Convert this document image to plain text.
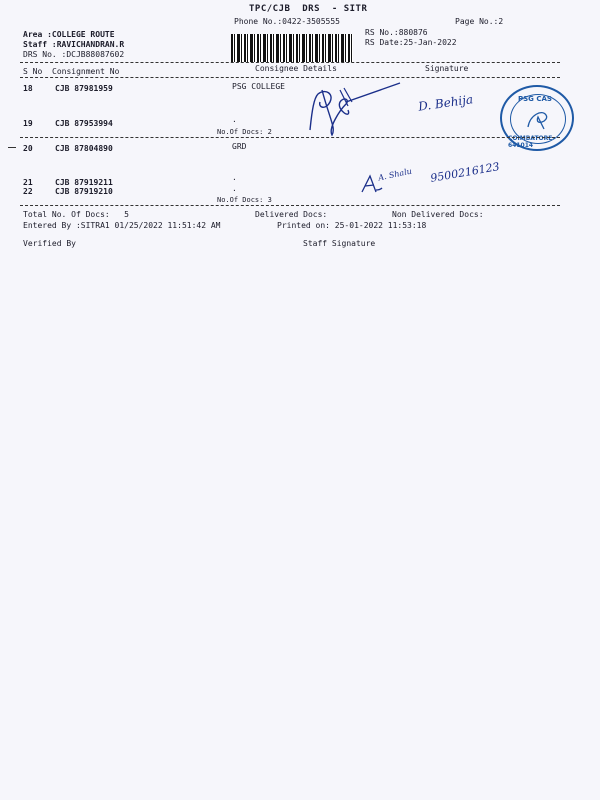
TPC/CJB  DRS  - SITR
Phone No.:0422-3505555	Page No.:2
Area :COLLEGE ROUTE
Staff :RAVICHANDRAN.R
DRS No. :DCJB88087602
RS No.:880876
RS Date:25-Jan-2022
S No Consignment No	Consignee Details	Signature
18	CJB 87981959	PSG COLLEGE
19	CJB 87953994	.
No.Of Docs: 2
D. Behija	PSG CAS
COIMBATORE-641014
20	CJB 87804890	GRD
21	CJB 87919211
.
22	CJB 87919210	.
No.Of Docs: 3
A. Shalu 9500216123
Total No. Of Docs:   5	Delivered Docs:	Non Delivered Docs:
Entered By :SITRA1 01/25/2022 11:51:42 AM	Printed on: 25-01-2022 11:53:18
Verified By	Staff Signature
